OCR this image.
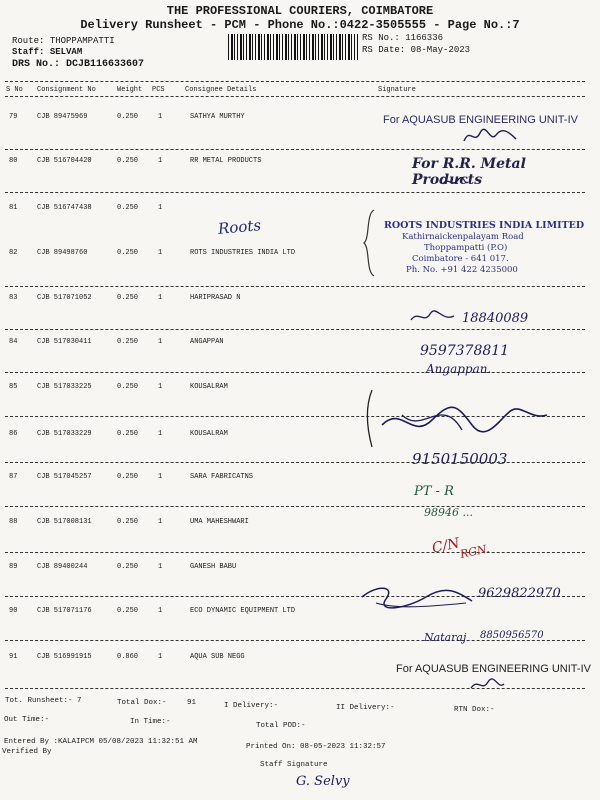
THE PROFESSIONAL COURIERS, COIMBATORE
Delivery Runsheet - PCM - Phone No.:0422-3505555 - Page No.:7
Route: THOPPAMPATTI
Staff: SELVAM
DRS No.: DCJB116633607
RS No.: 1166336
RS Date: 08-May-2023
S No Consignment No	Weight PCS	Consignee Details	Signature
79	CJB 89475969	0.250	1	SATHYA MURTHY
80	CJB 516704420	0.250	1	RR METAL PRODUCTS
81	CJB 516747438	0.250	1
82	CJB 89498760	0.250	1	ROTS INDUSTRIES INDIA LTD
83	CJB 517071052	0.250	1	HARIPRASAD N
84	CJB 517030411	0.250	1	ANGAPPAN
85	CJB 517033225	0.250	1	KOUSALRAM
86	CJB 517033229	0.250	1	KOUSALRAM
87	CJB 517045257	0.250	1	SARA FABRICATNS
88	CJB 517008131	0.250	1	UMA MAHESHWARI
89	CJB 89400244	0.250	1	GANESH BABU
90	CJB 517071176	0.250	1	ECO DYNAMIC EQUIPMENT LTD
91	CJB 516991915	0.860	1	AQUA SUB NEGG
For AQUASUB ENGINEERING UNIT-IV
For R.R. Metal Products
Roots	ROOTS INDUSTRIES INDIA LIMITED
Kathirnaickenpalayam Road
Thoppampatti (P.O)
Coimbatore - 641 017.
Ph. No. +91 422 4235000
18840089
9597378811
Angappan.
9150150003
PT - R
98946 ...
C/N
RGN.
9629822970
Nataraj 8850956570
For AQUASUB ENGINEERING UNIT-IV
Tot. Runsheet:- 7	Total Dox:-	91	I Delivery:-	II Delivery:-	RTN Dox:-
Out Time:-	In Time:-	Total POD:-
Entered By :KALAIPCM 05/08/2023 11:32:51 AM
Printed On: 08-05-2023 11:32:57
Verified By
Staff Signature
G. Selvy
